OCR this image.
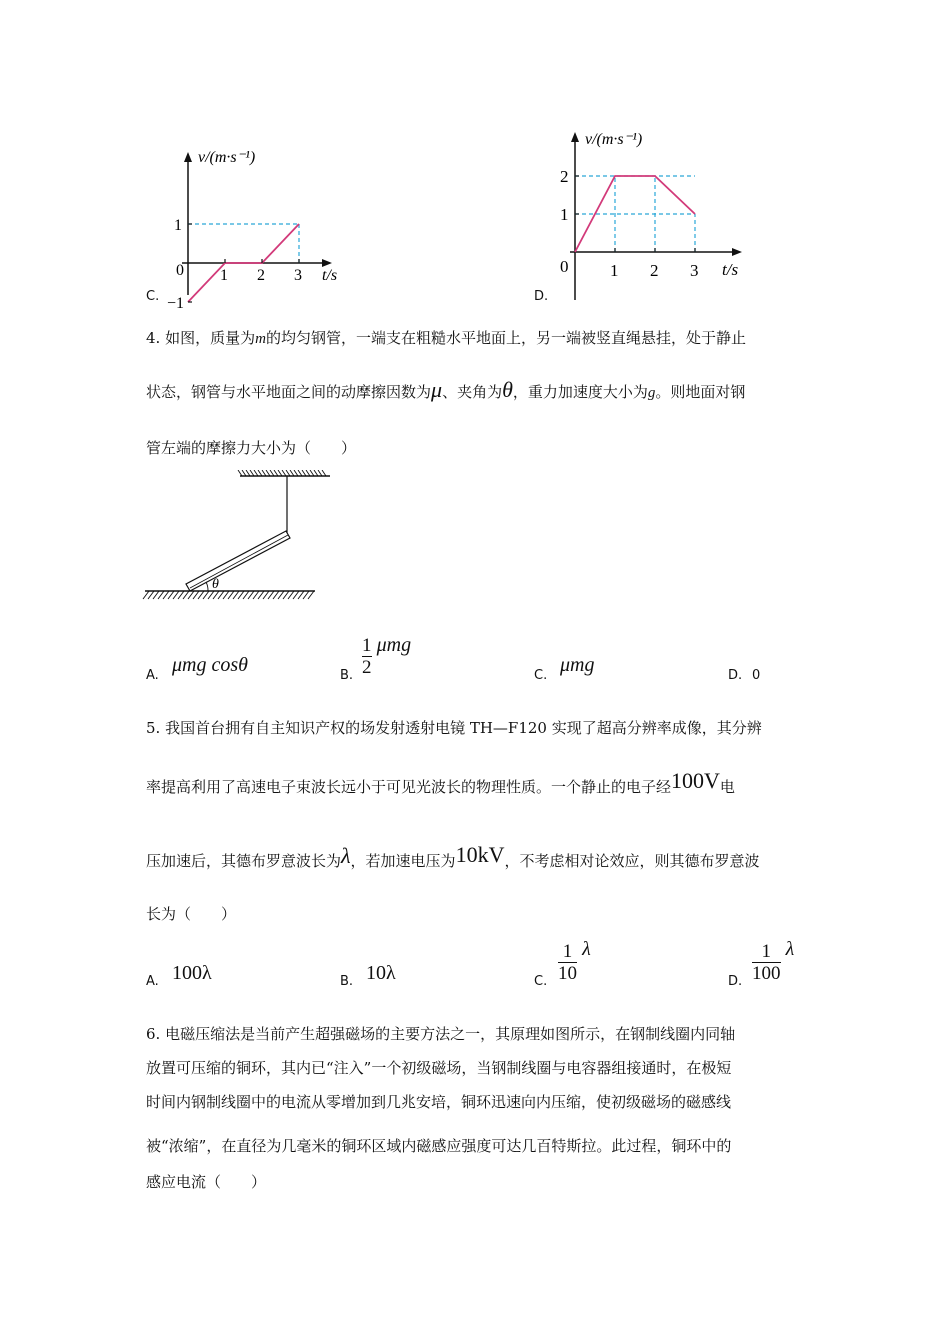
C.
1 2 3
1
−1
v/(m·s⁻¹)
t/s
0
D.
1 2 3
1
2
v/(m·s⁻¹)
t/s
0
4. 如图，质量为m的均匀钢管，一端支在粗糙水平地面上，另一端被竖直绳悬挂，处于静止
状态，钢管与水平地面之间的动摩擦因数为μ、夹角为θ，重力加速度大小为g。则地面对钢
管左端的摩擦力大小为（　　）
θ
A. μmg cosθ	B. $\frac{1}{2}$ μmg
C. μmg	D. 0
5. 我国首台拥有自主知识产权的场发射透射电镜 TH—F120 实现了超高分辨率成像，其分辨
率提高利用了高速电子束波长远小于可见光波长的物理性质。一个静止的电子经100V电
压加速后，其德布罗意波长为λ，若加速电压为10kV，不考虑相对论效应，则其德布罗意波
长为（　　）
A. 100λ	B. 10λ	C. $\frac{1}{10}$ λ
D. $\frac{1}{100}$ λ
6. 电磁压缩法是当前产生超强磁场的主要方法之一，其原理如图所示，在钢制线圈内同轴
放置可压缩的铜环，其内已“注入”一个初级磁场，当钢制线圈与电容器组接通时，在极短
时间内钢制线圈中的电流从零增加到几兆安培，铜环迅速向内压缩，使初级磁场的磁感线
被“浓缩”，在直径为几毫米的铜环区域内磁感应强度可达几百特斯拉。此过程，铜环中的
感应电流（　　）
